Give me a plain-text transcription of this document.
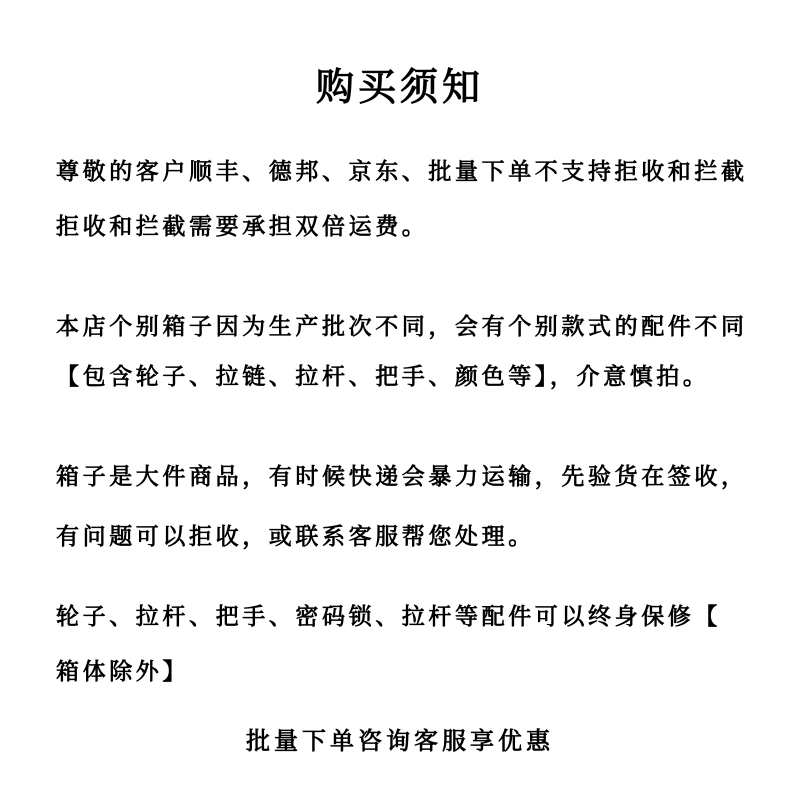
购买须知
尊敬的客户顺丰、德邦、京东、批量下单不支持拒收和拦截
拒收和拦截需要承担双倍运费。
本店个别箱子因为生产批次不同，会有个别款式的配件不同
【包含轮子、拉链、拉杆、把手、颜色等】，介意慎拍。
箱子是大件商品，有时候快递会暴力运输，先验货在签收，
有问题可以拒收，或联系客服帮您处理。
轮子、拉杆、把手、密码锁、拉杆等配件可以终身保修【
箱体除外】
批量下单咨询客服享优惠
